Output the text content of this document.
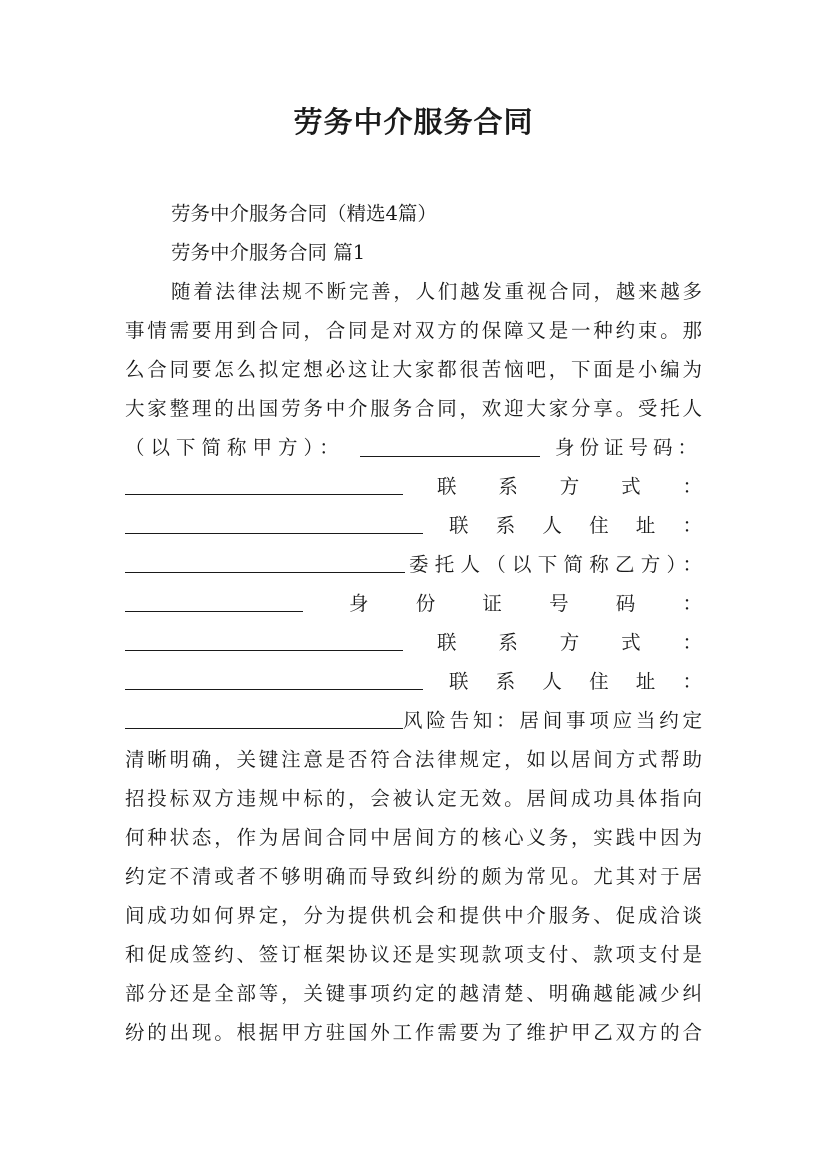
劳务中介服务合同
劳务中介服务合同（精选4篇）
劳务中介服务合同 篇1
随着法律法规不断完善，人们越发重视合同，越来越多
事情需要用到合同，合同是对双方的保障又是一种约束。那
么合同要怎么拟定想必这让大家都很苦恼吧，下面是小编为
大家整理的出国劳务中介服务合同，欢迎大家分享。受托人
（以下简称甲方）：	身份证号码：
联系方式：
联系人住址：
委托人（以下简称乙方）：
身份证号码：
联系方式：
联系人住址：
风险告知：居间事项应当约定
清晰明确，关键注意是否符合法律规定，如以居间方式帮助
招投标双方违规中标的，会被认定无效。居间成功具体指向
何种状态，作为居间合同中居间方的核心义务，实践中因为
约定不清或者不够明确而导致纠纷的颇为常见。尤其对于居
间成功如何界定，分为提供机会和提供中介服务、促成洽谈
和促成签约、签订框架协议还是实现款项支付、款项支付是
部分还是全部等，关键事项约定的越清楚、明确越能减少纠
纷的出现。根据甲方驻国外工作需要为了维护甲乙双方的合
